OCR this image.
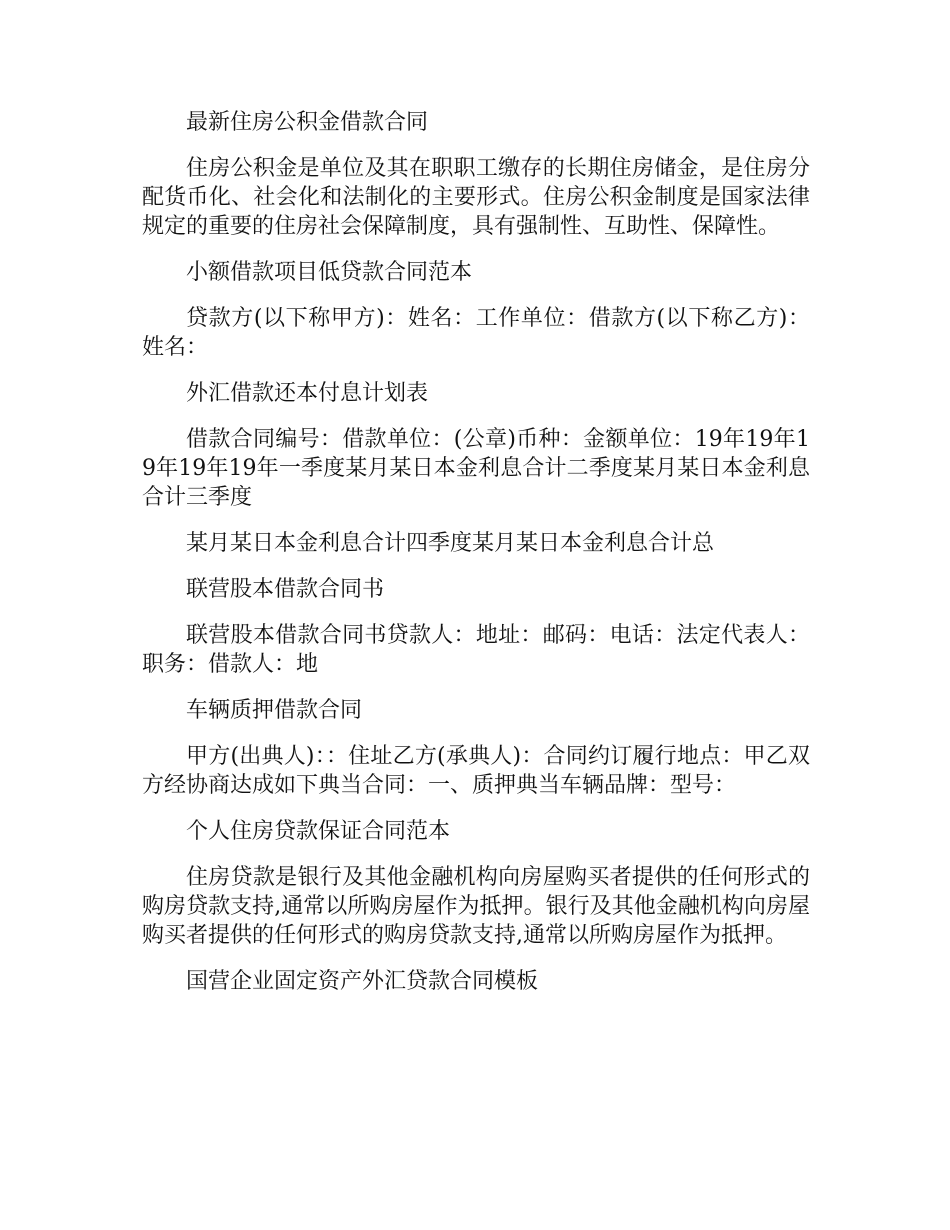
最新住房公积金借款合同

住房公积金是单位及其在职职工缴存的长期住房储金，是住房分配货币化、社会化和法制化的主要形式。住房公积金制度是国家法律规定的重要的住房社会保障制度，具有强制性、互助性、保障性。

小额借款项目低贷款合同范本

贷款方(以下称甲方)：姓名：工作单位：借款方(以下称乙方)：姓名：

外汇借款还本付息计划表

借款合同编号：借款单位：(公章)币种：金额单位：19年19年19年19年19年一季度某月某日本金利息合计二季度某月某日本金利息合计三季度

某月某日本金利息合计四季度某月某日本金利息合计总

联营股本借款合同书

联营股本借款合同书贷款人：地址：邮码：电话：法定代表人：职务：借款人：地

车辆质押借款合同

甲方(出典人)：：住址乙方(承典人)：合同约订履行地点：甲乙双方经协商达成如下典当合同：一、质押典当车辆品牌：型号：

个人住房贷款保证合同范本

住房贷款是银行及其他金融机构向房屋购买者提供的任何形式的购房贷款支持,通常以所购房屋作为抵押。银行及其他金融机构向房屋购买者提供的任何形式的购房贷款支持,通常以所购房屋作为抵押。

国营企业固定资产外汇贷款合同模板
